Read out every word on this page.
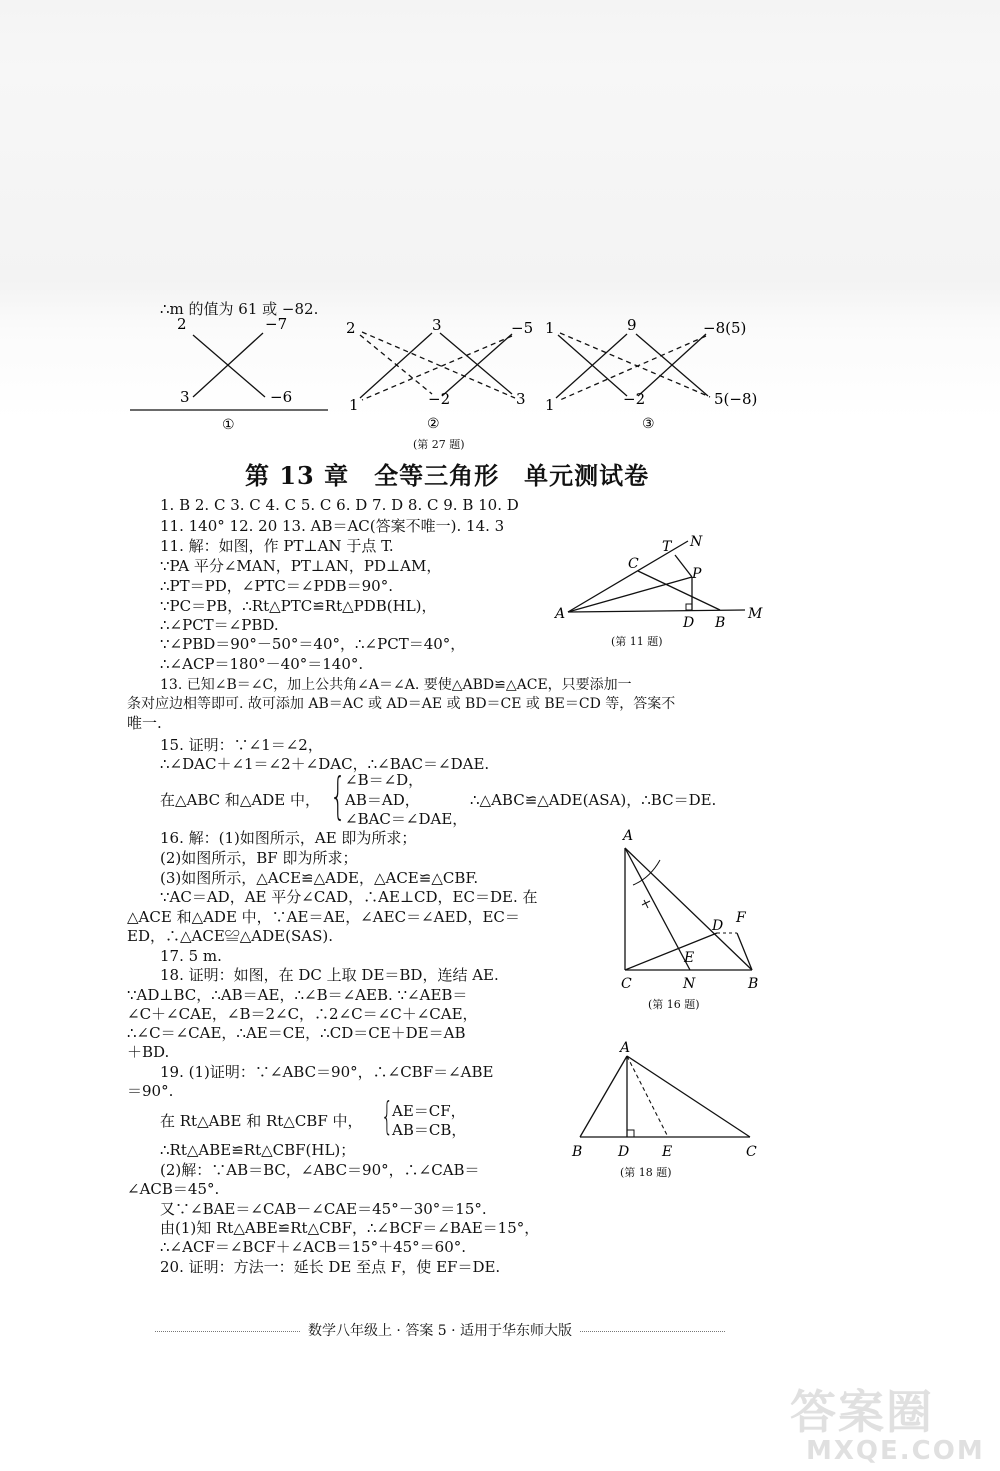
∴m 的值为 61 或 −82.
2	−7
3	−6
①
2	3	−5
1	−2	3
②
1	9	−8(5)
1	−2	5(−8)
③
T N
C
P
A
D B
M
A
D F
E
C	N	B
A
B	D E	C
(第 27 题)
(第 11 题)
(第 16 题)
(第 18 题)
第 13 章　全等三角形　单元测试卷
1. B 2. C 3. C 4. C 5. C 6. D 7. D 8. C 9. B 10. D
11. 140° 12. 20 13. AB＝AC(答案不唯一). 14. 3
11. 解：如图，作 PT⊥AN 于点 T.
∵PA 平分∠MAN，PT⊥AN，PD⊥AM，
∴PT＝PD，∠PTC＝∠PDB＝90°.
∵PC＝PB，∴Rt△PTC≌Rt△PDB(HL)，
∴∠PCT＝∠PBD.
∵∠PBD＝90°－50°＝40°，∴∠PCT＝40°，
∴∠ACP＝180°－40°＝140°.
13. 已知∠B＝∠C，加上公共角∠A＝∠A. 要使△ABD≌△ACE，只要添加一
条对应边相等即可. 故可添加 AB＝AC 或 AD＝AE 或 BD＝CE 或 BE＝CD 等，答案不
唯一.
15. 证明：∵∠1＝∠2，
∴∠DAC＋∠1＝∠2＋∠DAC，∴∠BAC＝∠DAE.
在△ABC 和△ADE 中， { ∠B＝∠D，
AB＝AD，
∠BAC＝∠DAE，
∴△ABC≌△ADE(ASA)，∴BC＝DE.
16. 解：(1)如图所示，AE 即为所求；
(2)如图所示，BF 即为所求；
(3)如图所示，△ACE≌△ADE，△ACE≌△CBF.
∵AC＝AD，AE 平分∠CAD，∴AE⊥CD，EC＝DE. 在
△ACE 和△ADE 中，∵AE＝AE，∠AEC＝∠AED，EC＝
ED，∴△ACE≌△ADE(SAS).
17. 5 m.
18. 证明：如图，在 DC 上取 DE＝BD，连结 AE.
∵AD⊥BC，∴AB＝AE，∴∠B＝∠AEB. ∵∠AEB＝
∠C＋∠CAE，∠B＝2∠C，∴2∠C＝∠C＋∠CAE，
∴∠C＝∠CAE，∴AE＝CE，∴CD＝CE＋DE＝AB
＋BD.
19. (1)证明：∵∠ABC＝90°，∴∠CBF＝∠ABE
＝90°.
在 Rt△ABE 和 Rt△CBF 中， {
AE＝CF，
AB＝CB，
∴Rt△ABE≌Rt△CBF(HL)；
(2)解：∵AB＝BC，∠ABC＝90°，∴∠CAB＝
∠ACB＝45°.
又∵∠BAE＝∠CAB－∠CAE＝45°－30°＝15°.
由(1)知 Rt△ABE≌Rt△CBF，∴∠BCF＝∠BAE＝15°，
∴∠ACF＝∠BCF＋∠ACB＝15°＋45°＝60°.
20. 证明：方法一：延长 DE 至点 F，使 EF＝DE.
数学八年级上 · 答案 5 · 适用于华东师大版
答案圈
MXQE.COM
